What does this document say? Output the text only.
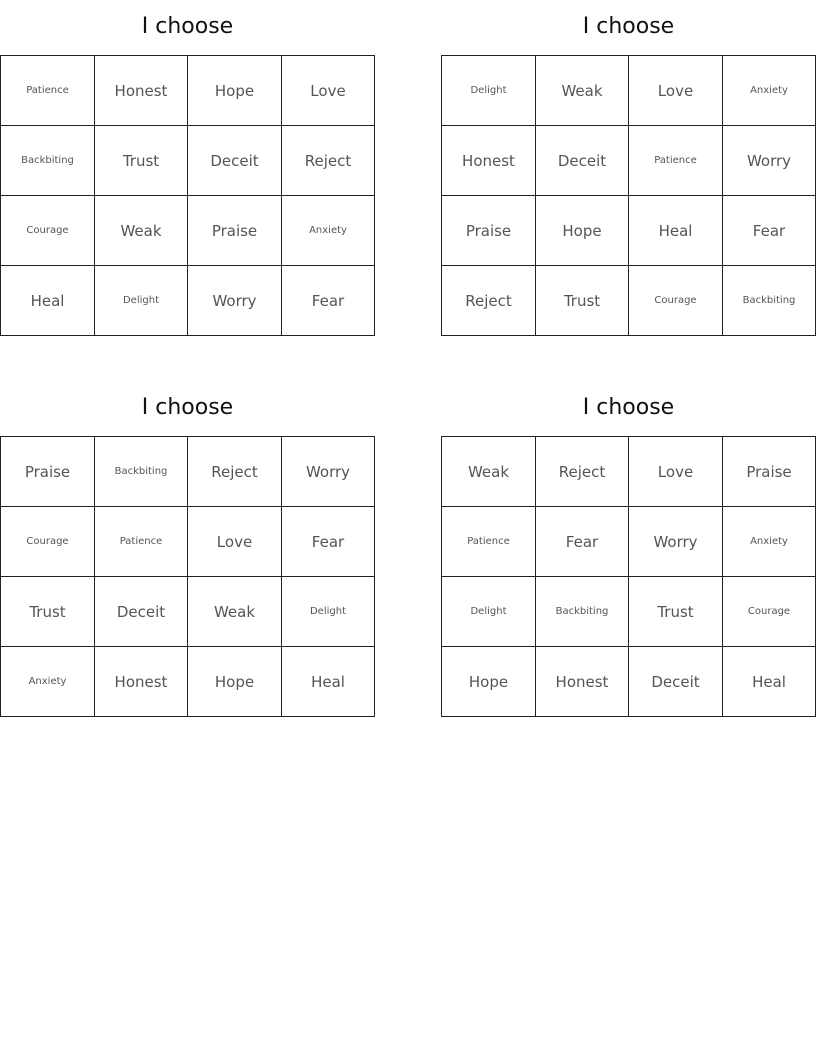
I choose
Patience	Honest	Hope	Love
Backbiting	Trust	Deceit	Reject
Courage	Weak	Praise	Anxiety
Heal	Delight	Worry	Fear
I choose
Delight	Weak	Love	Anxiety
Honest	Deceit	Patience	Worry
Praise	Hope	Heal	Fear
Reject	Trust	Courage	Backbiting
I choose
Praise	Backbiting	Reject	Worry
Courage	Patience	Love	Fear
Trust	Deceit	Weak	Delight
Anxiety	Honest	Hope	Heal
I choose
Weak	Reject	Love	Praise
Patience	Fear	Worry	Anxiety
Delight	Backbiting	Trust	Courage
Hope	Honest	Deceit	Heal
